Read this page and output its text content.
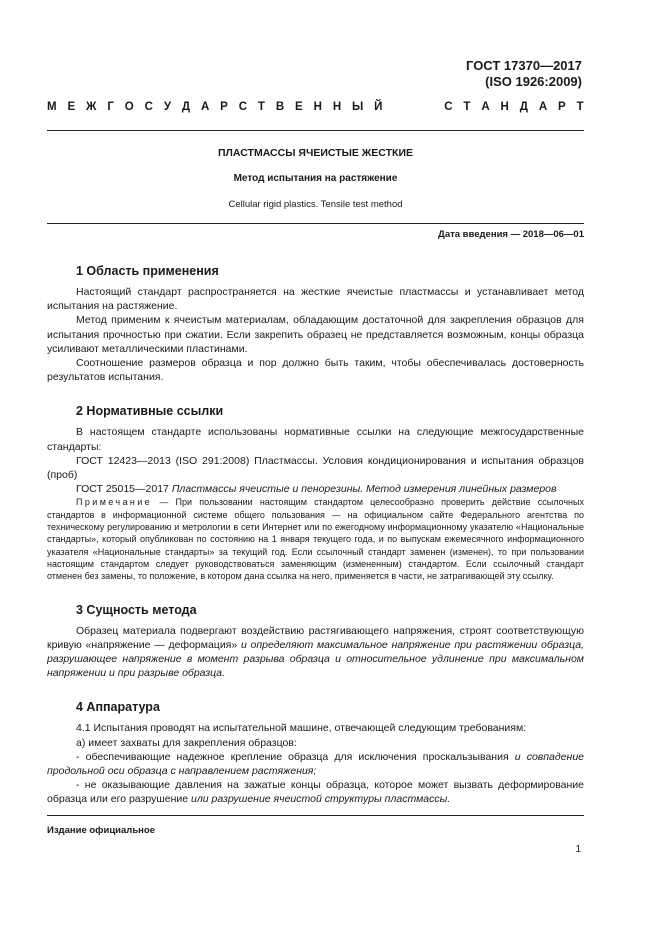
ГОСТ 17370—2017
(ISO 1926:2009)
М Е Ж Г О С У Д А Р С Т В Е Н Н Ы Й	С Т А Н Д А Р Т
ПЛАСТМАССЫ ЯЧЕИСТЫЕ ЖЕСТКИЕ
Метод испытания на растяжение
Cellular rigid plastics. Tensile test method
Дата введения — 2018—06—01
1 Область применения

Настоящий стандарт распространяется на жесткие ячеистые пластмассы и устанавливает метод испытания на растяжение.

Метод применим к ячеистым материалам, обладающим достаточной для закрепления образцов для испытания прочностью при сжатии. Если закрепить образец не представляется возможным, концы образца усиливают металлическими пластинами.

Соотношение размеров образца и пор должно быть таким, чтобы обеспечивалась достоверность результатов испытания.

2 Нормативные ссылки

В настоящем стандарте использованы нормативные ссылки на следующие межгосударственные стандарты:

ГОСТ 12423—2013 (ISO 291:2008) Пластмассы. Условия кондиционирования и испытания образцов (проб)

ГОСТ 25015—2017 Пластмассы ячеистые и пенорезины. Метод измерения линейных размеров

Примечание — При пользовании настоящим стандартом целесообразно проверить действие ссылочных стандартов в информационной системе общего пользования — на официальном сайте Федерального агентства по техническому регулированию и метрологии в сети Интернет или по ежегодному информационному указателю «Национальные стандарты», который опубликован по состоянию на 1 января текущего года, и по выпускам ежемесячного информационного указателя «Национальные стандарты» за текущий год. Если ссылочный стандарт заменен (изменен), то при пользовании настоящим стандартом следует руководствоваться заменяющим (измененным) стандартом. Если ссылочный стандарт отменен без замены, то положение, в котором дана ссылка на него, применяется в части, не затрагивающей эту ссылку.

3 Сущность метода

Образец материала подвергают воздействию растягивающего напряжения, строят соответствующую кривую «напряжение — деформация» и определяют максимальное напряжение при растяжении образца, разрушающее напряжение в момент разрыва образца и относительное удлинение при максимальном напряжении и при разрыве образца.

4 Аппаратура

4.1 Испытания проводят на испытательной машине, отвечающей следующим требованиям:

а) имеет захваты для закрепления образцов:

- обеспечивающие надежное крепление образца для исключения проскальзывания и совпадение продольной оси образца с направлением растяжения;

- не оказывающие давления на зажатые концы образца, которое может вызвать деформирование образца или его разрушение или разрушение ячеистой структуры пластмассы.

Издание официальное
1
